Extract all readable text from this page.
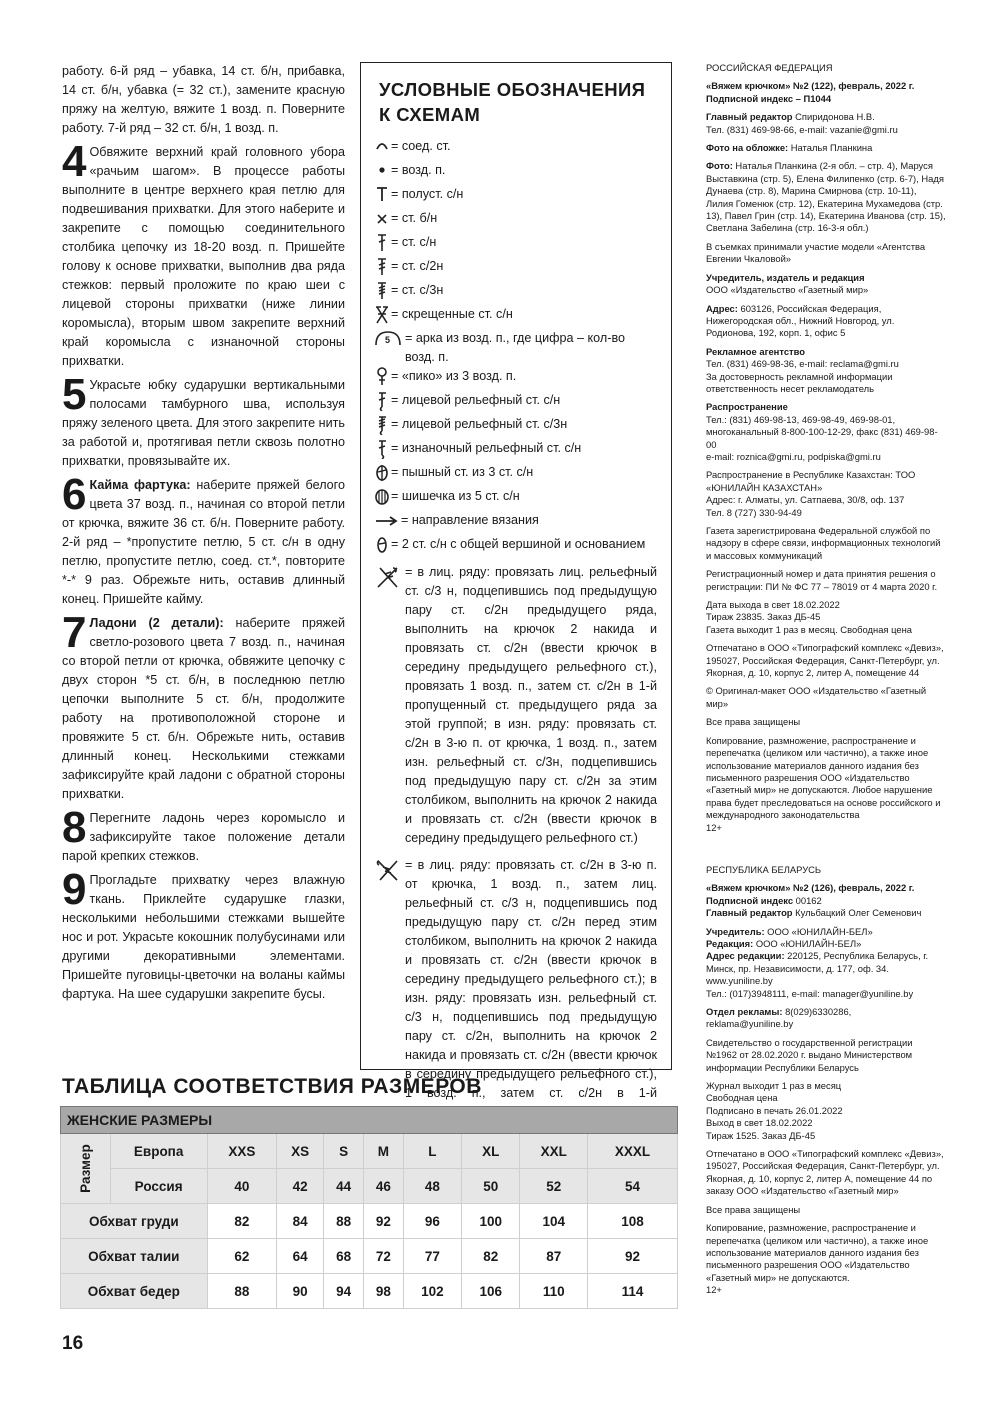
работу. 6-й ряд – убавка, 14 ст. б/н, прибавка, 14 ст. б/н, убавка (= 32 ст.), замените красную пряжу на желтую, вяжите 1 возд. п. Поверните работу. 7-й ряд – 32 ст. б/н, 1 возд. п.

4 Обвяжите верхний край головного убора «рачьим шагом». В процессе работы выполните в центре верхнего края петлю для подвешивания прихватки. Для этого наберите и закрепите с помощью соединительного столбика цепочку из 18-20 возд. п. Пришейте голову к основе прихватки, выполнив два ряда стежков: первый проложите по краю шеи с лицевой стороны прихватки (ниже линии коромысла), вторым швом закрепите верхний край коромысла с изнаночной стороны прихватки.

5 Украсьте юбку сударушки вертикальными полосами тамбурного шва, используя пряжу зеленого цвета. Для этого закрепите нить за работой и, протягивая петли сквозь полотно прихватки, провязывайте их.

6 Кайма фартука: наберите пряжей белого цвета 37 возд. п., начиная со второй петли от крючка, вяжите 36 ст. б/н. Поверните работу. 2-й ряд – *пропустите петлю, 5 ст. с/н в одну петлю, пропустите петлю, соед. ст.*, повторите *-* 9 раз. Обрежьте нить, оставив длинный конец. Пришейте кайму.

7 Ладони (2 детали): наберите пряжей светло-розового цвета 7 возд. п., начиная со второй петли от крючка, обвяжите цепочку с двух сторон *5 ст. б/н, в последнюю петлю цепочки выполните 5 ст. б/н, продолжите работу на противоположной стороне и провяжите 5 ст. б/н. Обрежьте нить, оставив длинный конец. Несколькими стежками зафиксируйте край ладони с обратной стороны прихватки.

8 Перегните ладонь через коромысло и зафиксируйте такое положение детали парой крепких стежков.

9 Прогладьте прихватку через влажную ткань. Приклейте сударушке глазки, несколькими небольшими стежками вышейте нос и рот. Украсьте кокошник полубусинами или другими декоративными элементами. Пришейте пуговицы-цветочки на воланы каймы фартука. На шее сударушки закрепите бусы.

УСЛОВНЫЕ ОБОЗНАЧЕНИЯ
К СХЕМАМ
= соед. ст.
= возд. п.
= полуст. с/н
= ст. б/н
= ст. с/н
= ст. с/2н
= ст. с/3н
= скрещенные ст. с/н
5 = арка из возд. п., где цифра – кол-во возд. п.
= «пико» из 3 возд. п.
= лицевой рельефный ст. с/н
= лицевой рельефный ст. с/3н
= изнаночный рельефный ст. с/н
= пышный ст. из 3 ст. с/н
= шишечка из 5 ст. с/н
= направление вязания
= 2 ст. с/н с общей вершиной и основанием
= в лиц. ряду: провязать лиц. рельефный ст. с/3 н, подцепившись под предыдущую пару ст. с/2н предыдущего ряда, выполнить на крючок 2 накида и провязать ст. с/2н (ввести крючок в середину предыдущего рельефного ст.), провязать 1 возд. п., затем ст. с/2н в 1-й пропущенный ст. предыдущего ряда за этой группой; в изн. ряду: провязать ст. с/2н в 3-ю п. от крючка, 1 возд. п., затем изн. рельефный ст. с/3н, подцепившись под предыдущую пару ст. с/2н за этим столбиком, выполнить на крючок 2 накида и провязать ст. с/2н (ввести крючок в середину предыдущего рельефного ст.)
= в лиц. ряду: провязать ст. с/2н в 3-ю п. от крючка, 1 возд. п., затем лиц. рельефный ст. с/3 н, подцепившись под предыдущую пару ст. с/2н перед этим столбиком, выполнить на крючок 2 накида и провязать ст. с/2н (ввести крючок в середину предыдущего рельефного ст.); в изн. ряду: провязать изн. рельефный ст. с/3 н, подцепившись под предыдущую пару ст. с/2н, выполнить на крючок 2 накида и провязать ст. с/2н (ввести крючок в середину предыдущего рельефного ст.), 1 возд. п., затем ст. с/2н в 1-й
РОССИЙСКАЯ ФЕДЕРАЦИЯ
«Вяжем крючком» №2 (122), февраль, 2022 г.
Подписной индекс – П1044
Главный редактор Спиридонова Н.В.
Тел. (831) 469-98-66, e-mail: vazanie@gmi.ru
Фото на обложке: Наталья Планкина
Фото: Наталья Планкина (2-я обл. – стр. 4), Маруся Выставкина (стр. 5), Елена Филипенко (стр. 6-7), Надя Дунаева (стр. 8), Марина Смирнова (стр. 10-11), Лилия Гоменюк (стр. 12), Екатерина Мухамедова (стр. 13), Павел Грин (стр. 14), Екатерина Иванова (стр. 15), Светлана Забелина (стр. 16-3-я обл.)
В съемках принимали участие модели «Агентства Евгении Чкаловой»
Учредитель, издатель и редакция
ООО «Издательство «Газетный мир»
Адрес: 603126, Российская Федерация, Нижегородская обл., Нижний Новгород, ул. Родионова, 192, корп. 1, офис 5
Рекламное агентство
Тел. (831) 469-98-36, e-mail: reclama@gmi.ru
За достоверность рекламной информации ответственность несет рекламодатель
Распространение
Тел.: (831) 469-98-13, 469-98-49, 469-98-01, многоканальный 8-800-100-12-29, факс (831) 469-98-00
e-mail: roznica@gmi.ru, podpiska@gmi.ru
Распространение в Республике Казахстан: ТОО «ЮНИЛАЙН КАЗАХСТАН»
Адрес: г. Алматы, ул. Сатпаева, 30/8, оф. 137
Тел. 8 (727) 330-94-49
Газета зарегистрирована Федеральной службой по надзору в сфере связи, информационных технологий и массовых коммуникаций
Регистрационный номер и дата принятия решения о регистрации: ПИ № ФС 77 – 78019 от 4 марта 2020 г.
Дата выхода в свет 18.02.2022
Тираж 23835. Заказ ДБ-45
Газета выходит 1 раз в месяц. Свободная цена
Отпечатано в ООО «Типографский комплекс «Девиз», 195027, Российская Федерация, Санкт-Петербург, ул. Якорная, д. 10, корпус 2, литер А, помещение 44
© Оригинал-макет ООО «Издательство «Газетный мир»
Все права защищены
Копирование, размножение, распространение и перепечатка (целиком или частично), а также иное использование материалов данного издания без письменного разрешения ООО «Издательство «Газетный мир» не допускаются. Любое нарушение права будет преследоваться на основе российского и международного законодательства
12+
РЕСПУБЛИКА БЕЛАРУСЬ
«Вяжем крючком» №2 (126), февраль, 2022 г.
Подписной индекс 00162
Главный редактор Кульбацкий Олег Семенович
Учредитель: ООО «ЮНИЛАЙН-БЕЛ»
Редакция: ООО «ЮНИЛАЙН-БЕЛ»
Адрес редакции: 220125, Республика Беларусь, г. Минск, пр. Независимости, д. 177, оф. 34.
www.yuniline.by
Тел.: (017)3948111, e-mail: manager@yuniline.by
Отдел рекламы: 8(029)6330286,
reklama@yuniline.by
Свидетельство о государственной регистрации №1962 от 28.02.2020 г. выдано Министерством информации Республики Беларусь
Журнал выходит 1 раз в месяц
Свободная цена
Подписано в печать 26.01.2022
Выход в свет 18.02.2022
Тираж 1525. Заказ ДБ-45
Отпечатано в ООО «Типографский комплекс «Девиз», 195027, Российская Федерация, Санкт-Петербург, ул. Якорная, д. 10, корпус 2, литер А, помещение 44 по заказу ООО «Издательство «Газетный мир»
Все права защищены
Копирование, размножение, распространение и перепечатка (целиком или частично), а также иное использование материалов данного издания без письменного разрешения ООО «Издательство «Газетный мир» не допускаются.
12+
ТАБЛИЦА СООТВЕТСТВИЯ РАЗМЕРОВ
ЖЕНСКИЕ РАЗМЕРЫ									
Размер	Европа	XXS	XS	S	M	L	XL	XXL	XXXL
	Россия	40	42	44	46	48	50	52	54
Обхват груди		82	84	88	92	96	100	104	108
Обхват талии		62	64	68	72	77	82	87	92
Обхват бедер		88	90	94	98	102	106	110	114
16
